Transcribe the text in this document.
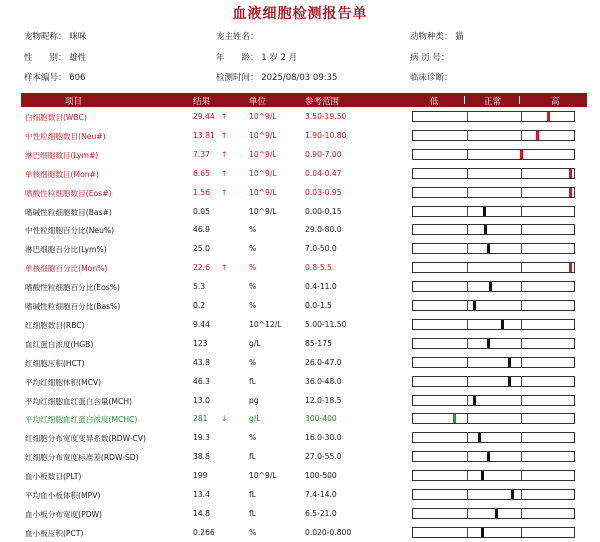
血液细胞检测报告单
宠物昵称： 咪咪	宠主姓名：	动物种类： 猫
性　　别： 雄性	年　　龄： 1 岁 2 月	病 历 号：
样本编号： 606	检测时间： 2025/08/03 09:35	临床诊断：
项目	结果	单位	参考范围	低	正常	高
白细胞数目(WBC)	29.44 ↑	10^9/L	3.50-19.50
中性粒细胞数目(Neu#)	13.81 ↑	10^9/L	1.90-10.80
淋巴细胞数目(Lym#)	7.37 ↑	10^9/L	0.90-7.00
单核细胞数目(Mon#)	6.65 ↑	10^9/L	0.04-0.47
嗜酸性粒细胞数目(Eos#)	1.56 ↑	10^9/L	0.03-0.95
嗜碱性粒细胞数目(Bas#)	0.05	10^9/L	0.00-0.15
中性粒细胞百分比(Neu%)	46.9	%	29.0-80.0
淋巴细胞百分比(Lym%)	25.0	%	7.0-50.0
单核细胞百分比(Mon%)	22.6 ↑	%	0.8-5.5
嗜酸性粒细胞百分比(Eos%)	5.3	%	0.4-11.0
嗜碱性粒细胞百分比(Bas%)	0.2	%	0.0-1.5
红细胞数目(RBC)	9.44	10^12/L	5.00-11.50
血红蛋白浓度(HGB)	123	g/L	85-175
红细胞压积(HCT)	43.8	%	26.0-47.0
平均红细胞体积(MCV)	46.3	fL	36.0-48.0
平均红细胞血红蛋白含量(MCH)	13.0	pg	12.0-18.5
平均红细胞血红蛋白浓度(MCHC)	281 ↓	g/L	300-400
红细胞分布宽度变异系数(RDW-CV)	19.3	%	16.0-30.0
红细胞分布宽度标准差(RDW-SD)	38.8	fL	27.0-55.0
血小板数目(PLT)	199	10^9/L	100-500
平均血小板体积(MPV)	13.4	fL	7.4-14.0
血小板分布宽度(PDW)	14.8	fL	6.5-21.0
血小板压积(PCT)	0.266	%	0.020-0.800
